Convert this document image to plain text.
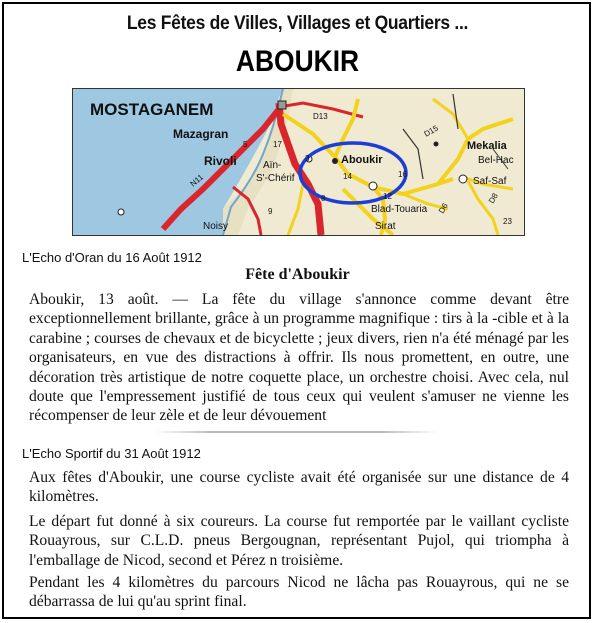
Les Fêtes de Villes, Villages et Quartiers ...
ABOUKIR
MOSTAGANEM
Mazagran
Rivoli	Aïn-
S'-Chérif
Noisy
Aboukir
Mekalia
Bel-Hac
Saf-Saf
Blad-Touaria
Sirat
N11
D13
D15
D6
D8
14	16
17
3
8
5
9
12
23
L'Echo d'Oran du 16 Août 1912
Fête d'Aboukir

Aboukir, 13 août. — La fête du village s'annonce comme devant être exceptionnellement brillante, grâce à un programme magnifique : tirs à la -cible et à la carabine ; courses de chevaux et de bicyclette ; jeux divers, rien n'a été ménagé par les organisateurs, en vue des distractions à offrir. Ils nous promettent, en outre, une décoration très artistique de notre coquette place, un orchestre choisi. Avec cela, nul doute que l'empressement justifié de tous ceux qui veulent s'amuser ne vienne les récompenser de leur zèle et de leur dévouement

L'Echo Sportif du 31 Août 1912

Aux fêtes d'Aboukir, une course cycliste avait été organisée sur une distance de 4 kilomètres.

Le départ fut donné à six coureurs. La course fut remportée par le vaillant cycliste Rouayrous, sur C.L.D. pneus Bergougnan, représentant Pujol, qui triompha à l'emballage de Nicod, second et Pérez n troisième.

Pendant les 4 kilomètres du parcours Nicod ne lâcha pas Rouayrous, qui ne se débarrassa de lui qu'au sprint final.
